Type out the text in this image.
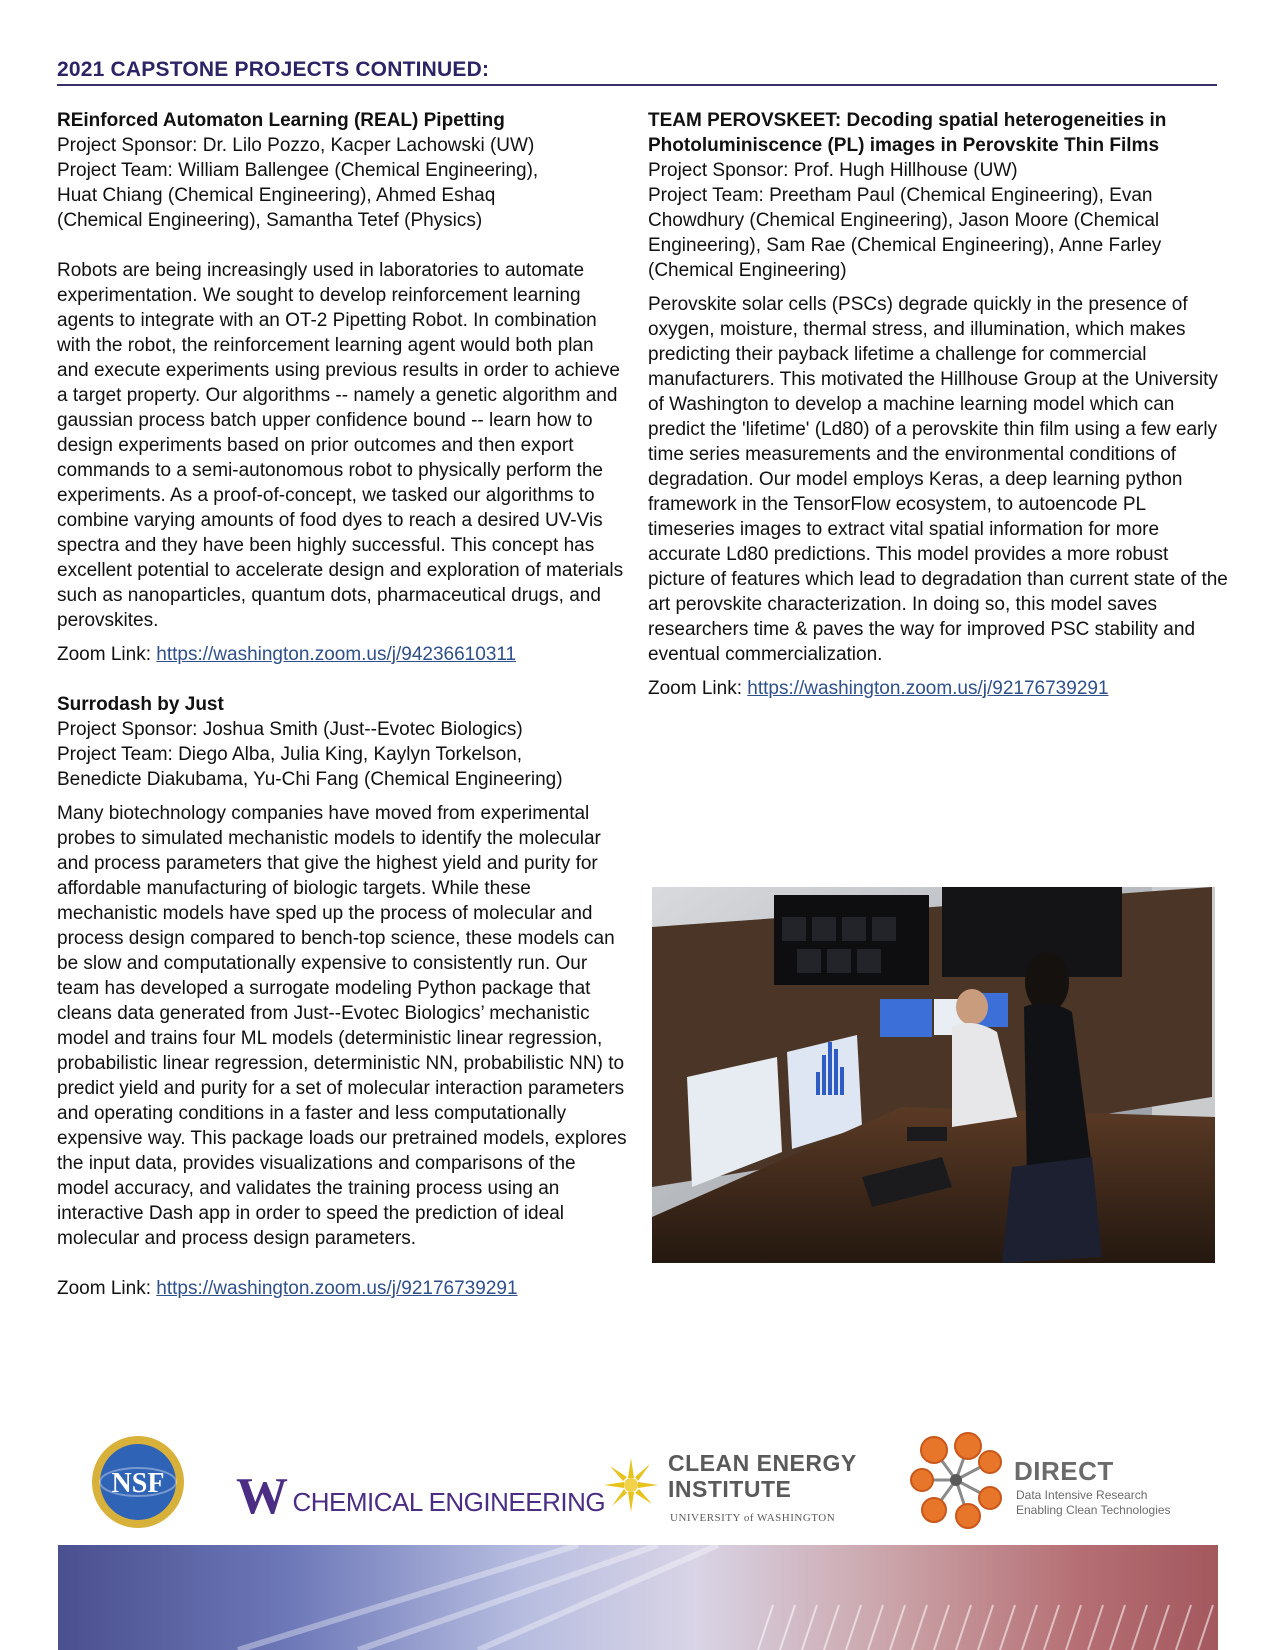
2021 CAPSTONE PROJECTS CONTINUED:

REinforced Automaton Learning (REAL) Pipetting

Project Sponsor: Dr. Lilo Pozzo, Kacper Lachowski (UW)

Project Team: William Ballengee (Chemical Engineering),

Huat Chiang (Chemical Engineering), Ahmed Eshaq

(Chemical Engineering), Samantha Tetef (Physics)

Robots are being increasingly used in laboratories to automate experimentation. We sought to develop reinforcement learning agents to integrate with an OT-2 Pipetting Robot. In combination with the robot, the reinforcement learning agent would both plan and execute experiments using previous results in order to achieve a target property. Our algorithms -- namely a genetic algorithm and gaussian process batch upper confidence bound -- learn how to design experiments based on prior outcomes and then export commands to a semi-autonomous robot to physically perform the experiments. As a proof-of-concept, we tasked our algorithms to combine varying amounts of food dyes to reach a desired UV-Vis spectra and they have been highly successful. This concept has excellent potential to accelerate design and exploration of materials such as nanoparticles, quantum dots, pharmaceutical drugs, and perovskites.

Zoom Link: https://washington.zoom.us/j/94236610311

Surrodash by Just

Project Sponsor: Joshua Smith (Just--Evotec Biologics)

Project Team: Diego Alba, Julia King, Kaylyn Torkelson,

Benedicte Diakubama, Yu-Chi Fang (Chemical Engineering)

Many biotechnology companies have moved from experimental probes to simulated mechanistic models to identify the molecular and process parameters that give the highest yield and purity for affordable manufacturing of biologic targets. While these mechanistic models have sped up the process of molecular and process design compared to bench-top science, these models can be slow and computationally expensive to consistently run. Our team has developed a surrogate modeling Python package that cleans data generated from Just--Evotec Biologics’ mechanistic model and trains four ML models (deterministic linear regression, probabilistic linear regression, deterministic NN, probabilistic NN) to predict yield and purity for a set of molecular interaction parameters and operating conditions in a faster and less computationally expensive way. This package loads our pretrained models, explores the input data, provides visualizations and comparisons of the model accuracy, and validates the training process using an interactive Dash app in order to speed the prediction of ideal molecular and process design parameters.

Zoom Link: https://washington.zoom.us/j/92176739291

TEAM PEROVSKEET: Decoding spatial heterogeneities in Photoluminiscence (PL) images in Perovskite Thin Films

Project Sponsor: Prof. Hugh Hillhouse (UW)

Project Team: Preetham Paul (Chemical Engineering), Evan Chowdhury (Chemical Engineering), Jason Moore (Chemical Engineering), Sam Rae (Chemical Engineering), Anne Farley (Chemical Engineering)

Perovskite solar cells (PSCs) degrade quickly in the presence of oxygen, moisture, thermal stress, and illumination, which makes predicting their payback lifetime a challenge for commercial manufacturers. This motivated the Hillhouse Group at the University of Washington to develop a machine learning model which can predict the 'lifetime' (Ld80) of a perovskite thin film using a few early time series measurements and the environmental conditions of degradation. Our model employs Keras, a deep learning python framework in the TensorFlow ecosystem, to autoencode PL timeseries images to extract vital spatial information for more accurate Ld80 predictions. This model provides a more robust picture of features which lead to degradation than current state of the art perovskite characterization. In doing so, this model saves researchers time & paves the way for improved PSC stability and eventual commercialization.

Zoom Link: https://washington.zoom.us/j/92176739291

NSF W CHEMICAL ENGINEERING
CLEAN ENERGY
INSTITUTE
UNIVERSITY of WASHINGTON
DIRECT
Data Intensive Research
Enabling Clean Technologies
